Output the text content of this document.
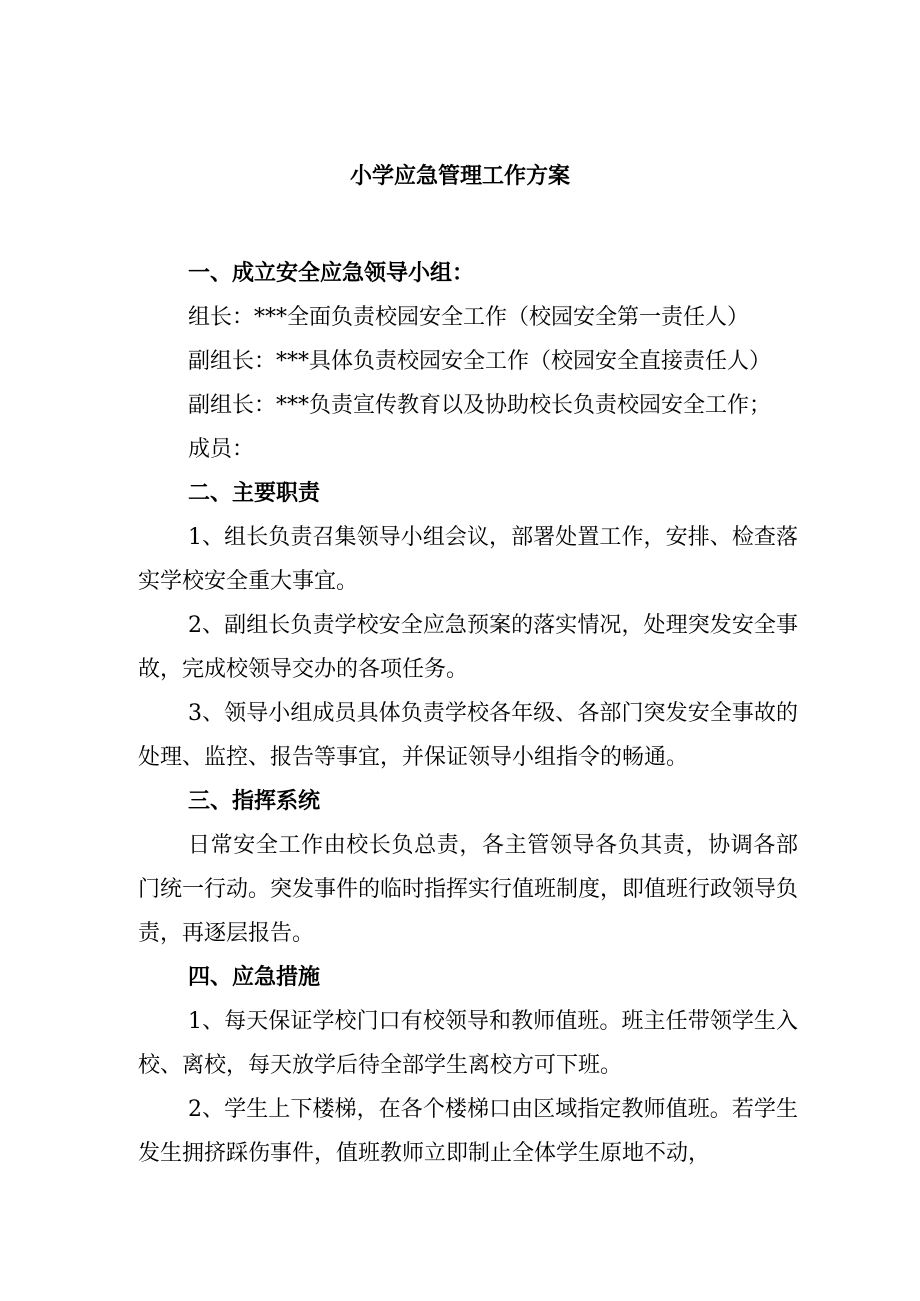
小学应急管理工作方案

一、成立安全应急领导小组：

组长：***全面负责校园安全工作（校园安全第一责任人）

副组长：***具体负责校园安全工作（校园安全直接责任人）

副组长：***负责宣传教育以及协助校长负责校园安全工作；

成员：

二、主要职责

1、组长负责召集领导小组会议，部署处置工作，安排、检查落实学校安全重大事宜。

2、副组长负责学校安全应急预案的落实情况，处理突发安全事故，完成校领导交办的各项任务。

3、领导小组成员具体负责学校各年级、各部门突发安全事故的处理、监控、报告等事宜，并保证领导小组指令的畅通。

三、指挥系统

日常安全工作由校长负总责，各主管领导各负其责，协调各部门统一行动。突发事件的临时指挥实行值班制度，即值班行政领导负责，再逐层报告。

四、应急措施

1、每天保证学校门口有校领导和教师值班。班主任带领学生入校、离校，每天放学后待全部学生离校方可下班。

2、学生上下楼梯，在各个楼梯口由区域指定教师值班。若学生发生拥挤踩伤事件，值班教师立即制止全体学生原地不动，
